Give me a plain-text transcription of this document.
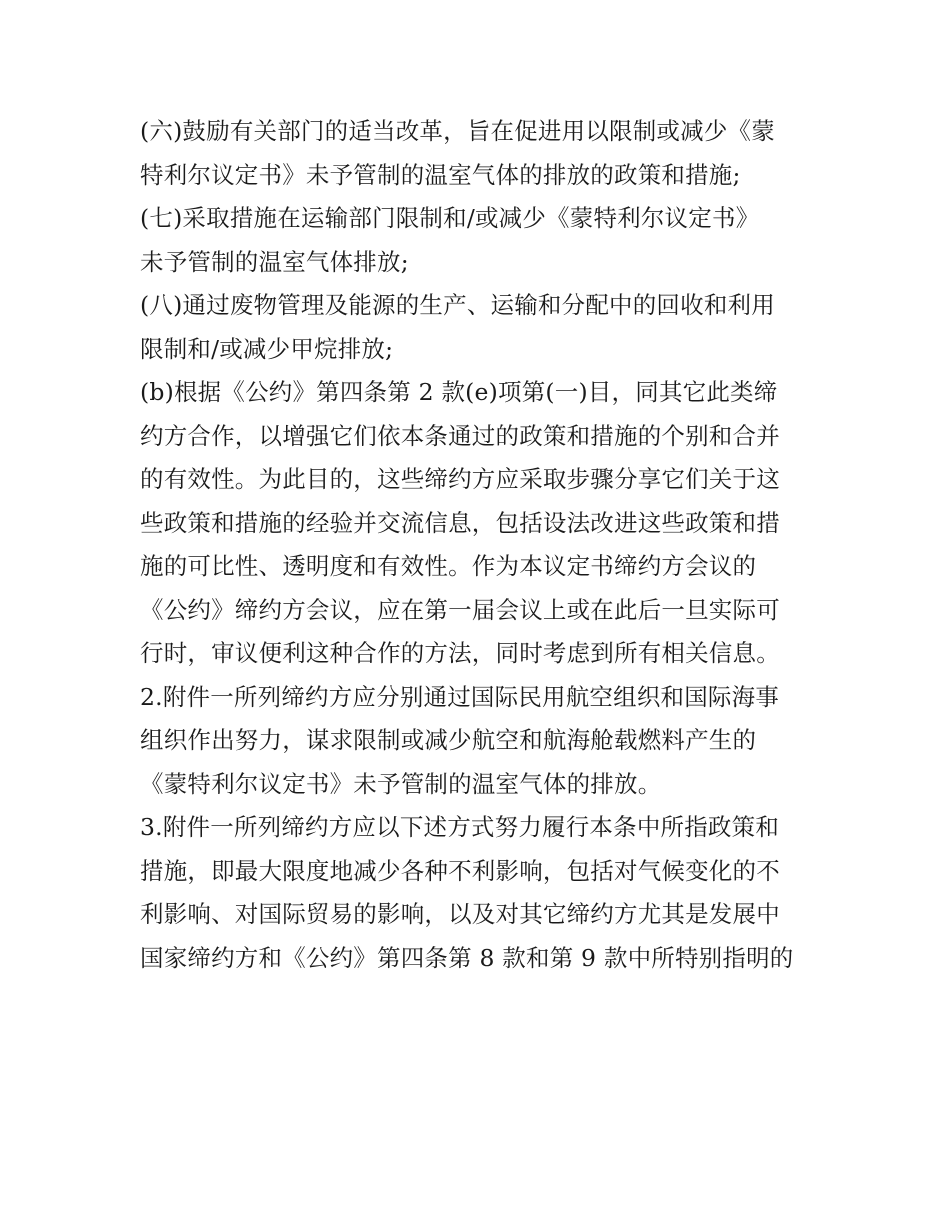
(六)鼓励有关部门的适当改革，旨在促进用以限制或减少《蒙
特利尔议定书》未予管制的温室气体的排放的政策和措施;
(七)采取措施在运输部门限制和/或减少《蒙特利尔议定书》
未予管制的温室气体排放;
(八)通过废物管理及能源的生产、运输和分配中的回收和利用
限制和/或减少甲烷排放;
(b)根据《公约》第四条第 2 款(e)项第(一)目，同其它此类缔
约方合作，以增强它们依本条通过的政策和措施的个别和合并
的有效性。为此目的，这些缔约方应采取步骤分享它们关于这
些政策和措施的经验并交流信息，包括设法改进这些政策和措
施的可比性、透明度和有效性。作为本议定书缔约方会议的
《公约》缔约方会议，应在第一届会议上或在此后一旦实际可
行时，审议便利这种合作的方法，同时考虑到所有相关信息。
2.附件一所列缔约方应分别通过国际民用航空组织和国际海事
组织作出努力，谋求限制或减少航空和航海舱载燃料产生的
《蒙特利尔议定书》未予管制的温室气体的排放。
3.附件一所列缔约方应以下述方式努力履行本条中所指政策和
措施，即最大限度地减少各种不利影响，包括对气候变化的不
利影响、对国际贸易的影响，以及对其它缔约方尤其是发展中
国家缔约方和《公约》第四条第 8 款和第 9 款中所特别指明的
